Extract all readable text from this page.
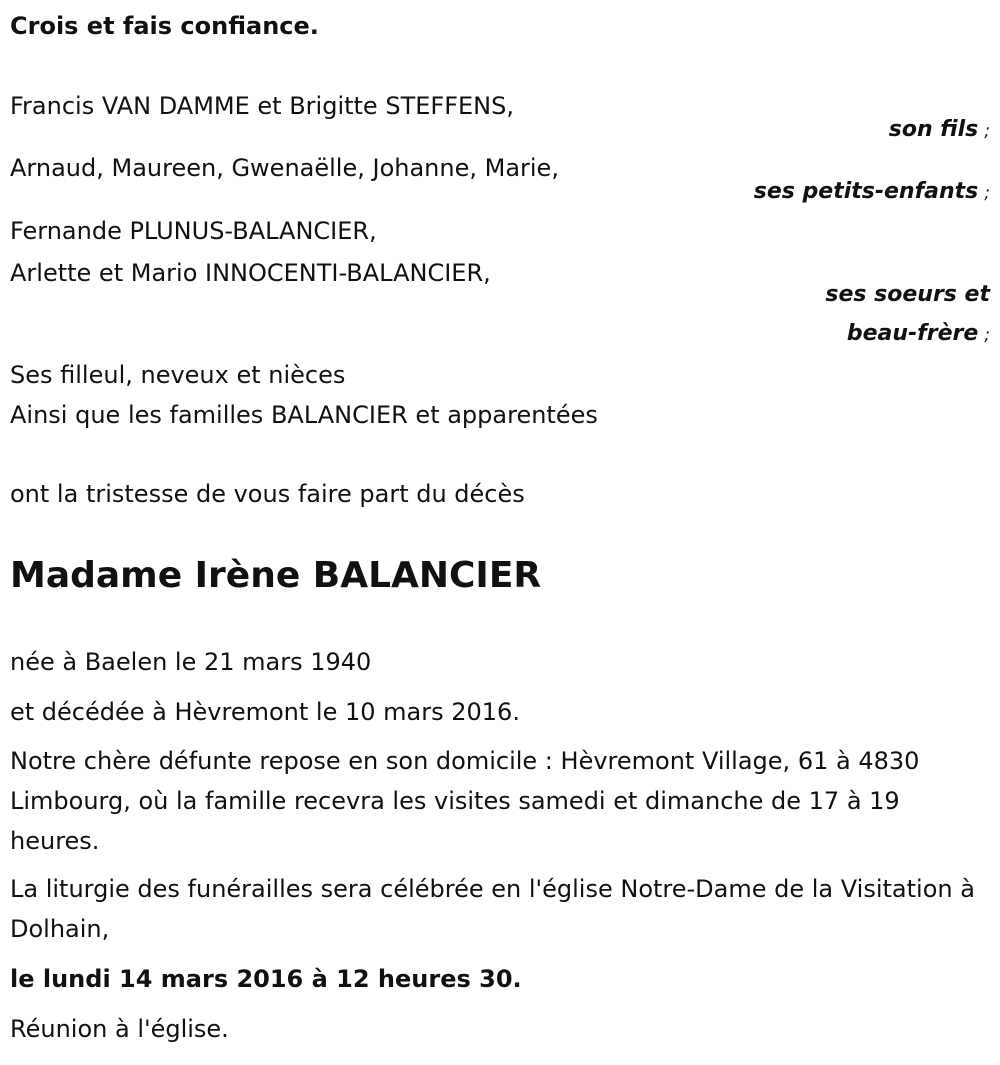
Crois et fais confiance.
Francis VAN DAMME et Brigitte STEFFENS,
son fils ;
Arnaud, Maureen, Gwenaëlle, Johanne, Marie,
ses petits-enfants ;
Fernande PLUNUS-BALANCIER,
Arlette et Mario INNOCENTI-BALANCIER,
ses soeurs et
beau-frère ;
Ses filleul, neveux et nièces
Ainsi que les familles BALANCIER et apparentées
ont la tristesse de vous faire part du décès
Madame Irène BALANCIER
née à Baelen le 21 mars 1940
et décédée à Hèvremont le 10 mars 2016.
Notre chère défunte repose en son domicile : Hèvremont Village, 61 à 4830 Limbourg, où la famille recevra les visites samedi et dimanche de 17 à 19 heures.
La liturgie des funérailles sera célébrée en l'église Notre-Dame de la Visitation à Dolhain,
le lundi 14 mars 2016 à 12 heures 30.
Réunion à l'église.
